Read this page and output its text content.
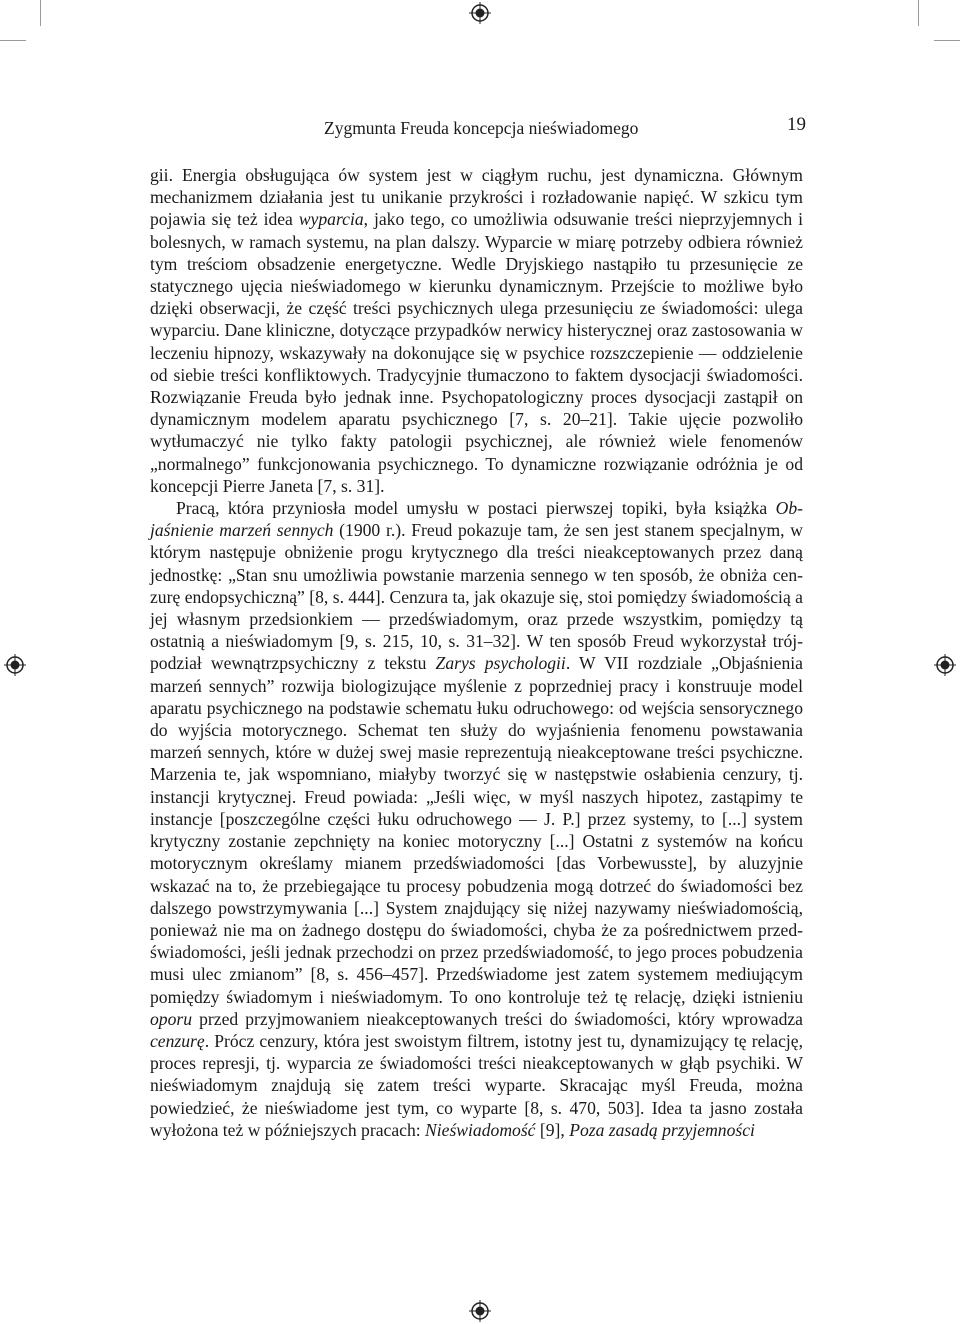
Zygmunta Freuda koncepcja nieświadomego	19

gii. Energia obsługująca ów system jest w ciągłym ruchu, jest dynamiczna. Głównym mechanizmem działania jest tu unikanie przykrości i rozładowanie napięć. W szkicu tym pojawia się też idea wyparcia, jako tego, co umożliwia odsuwanie treści nieprzyjemnych i bolesnych, w ramach systemu, na plan dalszy. Wyparcie w miarę potrzeby odbiera również tym treściom obsadzenie energetyczne. Wedle Dryjskiego nastąpiło tu przesunięcie ze statycznego ujęcia nieświadomego w kierunku dynamicznym. Przejście to możliwe było dzięki obserwacji, że część treści psychicznych ulega przesunięciu ze świadomości: ulega wyparciu. Dane kliniczne, dotyczące przypadków nerwicy histerycznej oraz zastosowania w leczeniu hipnozy, wskazywały na dokonujące się w psychice rozszczepienie — oddzielenie od siebie treści konfliktowych. Tradycyjnie tłumaczono to faktem dysocjacji świadomości. Rozwiązanie Freuda było jednak inne. Psychopatologiczny proces dysocjacji zastąpił on dynamicznym modelem aparatu psychicznego [7, s. 20–21]. Takie ujęcie pozwoliło wytłumaczyć nie tylko fakty patologii psychicznej, ale również wiele fenomenów „normalnego” funkcjonowania psychicznego. To dynamiczne rozwiązanie odróżnia je od koncepcji Pierre Janeta [7, s. 31].

Pracą, która przyniosła model umysłu w postaci pierwszej topiki, była książka Objaśnienie marzeń sennych (1900 r.). Freud pokazuje tam, że sen jest stanem specjalnym, w którym następuje obniżenie progu krytycznego dla treści nieakceptowanych przez daną jednostkę: „Stan snu umożliwia powstanie marzenia sennego w ten sposób, że obniża cenzurę endopsychiczną” [8, s. 444]. Cenzura ta, jak okazuje się, stoi pomiędzy świadomością a jej własnym przedsionkiem — przedświadomym, oraz przede wszystkim, pomiędzy tą ostatnią a nieświadomym [9, s. 215, 10, s. 31–32]. W ten sposób Freud wykorzystał trójpodział wewnątrzpsychiczny z tekstu Zarys psychologii. W VII rozdziale „Objaśnienia marzeń sennych” rozwija biologizujące myślenie z poprzedniej pracy i konstruuje model aparatu psychicznego na podstawie schematu łuku odruchowego: od wejścia sensorycznego do wyjścia motorycznego. Schemat ten służy do wyjaśnienia fenomenu powstawania marzeń sennych, które w dużej swej masie reprezentują nieakceptowane treści psychiczne. Marzenia te, jak wspomniano, miałyby tworzyć się w następstwie osłabienia cenzury, tj. instancji krytycznej. Freud powiada: „Jeśli więc, w myśl naszych hipotez, zastąpimy te instancje [poszczególne części łuku odruchowego — J. P.] przez systemy, to [...] system krytyczny zostanie zepchnięty na koniec motoryczny [...] Ostatni z systemów na końcu motorycznym określamy mianem przedświadomości [das Vorbewusste], by aluzyjnie wskazać na to, że przebiegające tu procesy pobudzenia mogą dotrzeć do świadomości bez dalszego powstrzymywania [...] System znajdujący się niżej nazywamy nieświadomością, ponieważ nie ma on żadnego dostępu do świadomości, chyba że za pośrednictwem przedświadomości, jeśli jednak przechodzi on przez przedświadomość, to jego proces pobudzenia musi ulec zmianom” [8, s. 456–457]. Przedświadome jest zatem systemem mediującym pomiędzy świadomym i nieświadomym. To ono kontroluje też tę relację, dzięki istnieniu oporu przed przyjmowaniem nieakceptowanych treści do świadomości, który wprowadza cenzurę. Prócz cenzury, która jest swoistym filtrem, istotny jest tu, dynamizujący tę relację, proces represji, tj. wyparcia ze świadomości treści nieakceptowanych w głąb psychiki. W nieświadomym znajdują się zatem treści wyparte. Skracając myśl Freuda, można powiedzieć, że nieświadome jest tym, co wyparte [8, s. 470, 503]. Idea ta jasno została wyłożona też w późniejszych pracach: Nieświadomość [9], Poza zasadą przyjemności
